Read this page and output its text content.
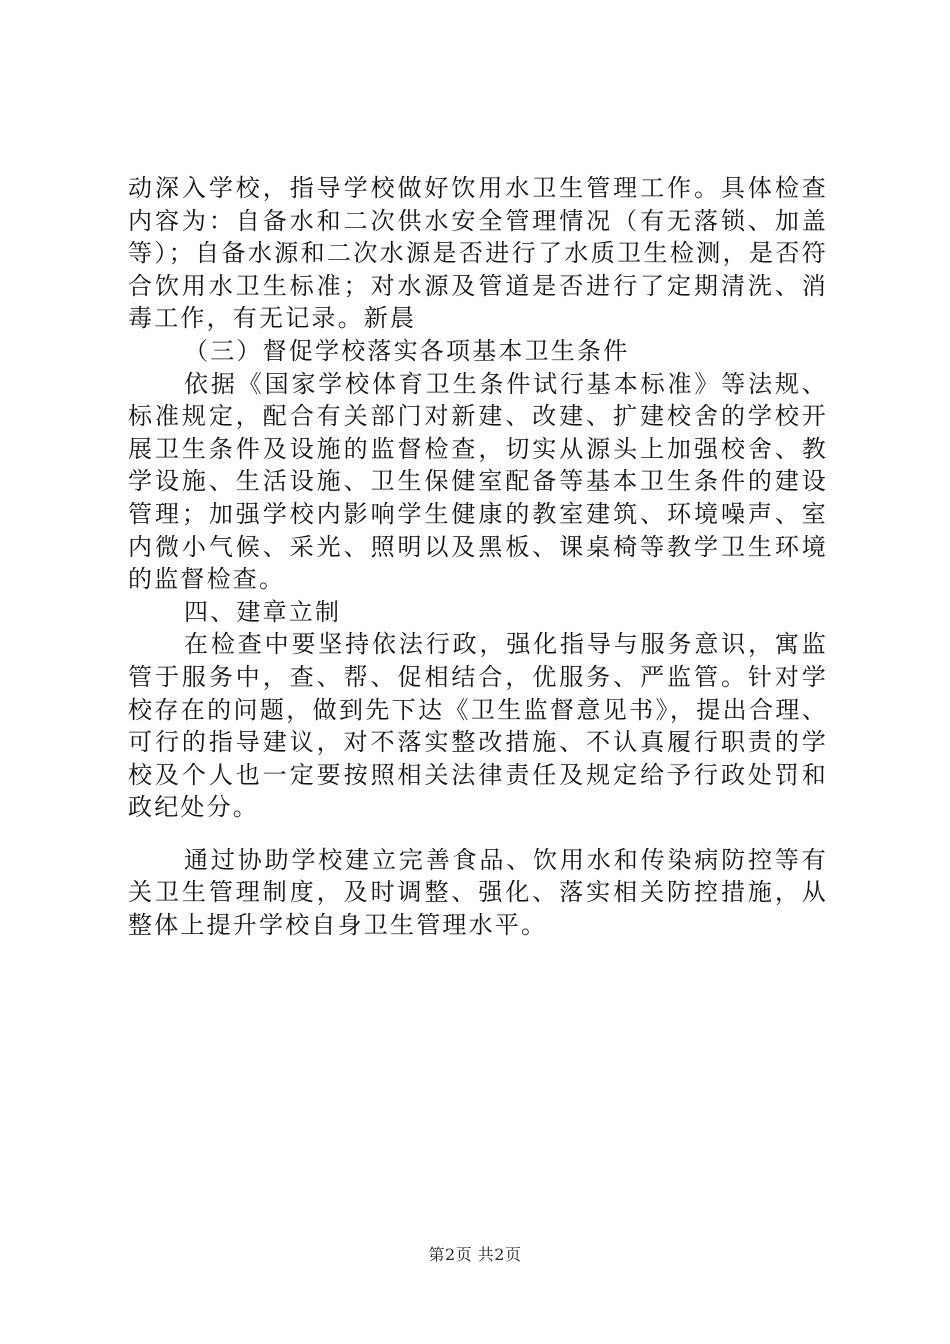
动深入学校，指导学校做好饮用水卫生管理工作。具体检查内容为：自备水和二次供水安全管理情况（有无落锁、加盖等）；自备水源和二次水源是否进行了水质卫生检测，是否符合饮用水卫生标准；对水源及管道是否进行了定期清洗、消毒工作，有无记录。新晨

（三）督促学校落实各项基本卫生条件

依据《国家学校体育卫生条件试行基本标准》等法规、标准规定，配合有关部门对新建、改建、扩建校舍的学校开展卫生条件及设施的监督检查，切实从源头上加强校舍、教学设施、生活设施、卫生保健室配备等基本卫生条件的建设管理；加强学校内影响学生健康的教室建筑、环境噪声、室内微小气候、采光、照明以及黑板、课桌椅等教学卫生环境的监督检查。

四、建章立制

在检查中要坚持依法行政，强化指导与服务意识，寓监管于服务中，查、帮、促相结合，优服务、严监管。针对学校存在的问题，做到先下达《卫生监督意见书》，提出合理、可行的指导建议，对不落实整改措施、不认真履行职责的学校及个人也一定要按照相关法律责任及规定给予行政处罚和政纪处分。

通过协助学校建立完善食品、饮用水和传染病防控等有关卫生管理制度，及时调整、强化、落实相关防控措施，从整体上提升学校自身卫生管理水平。

第2页 共2页
